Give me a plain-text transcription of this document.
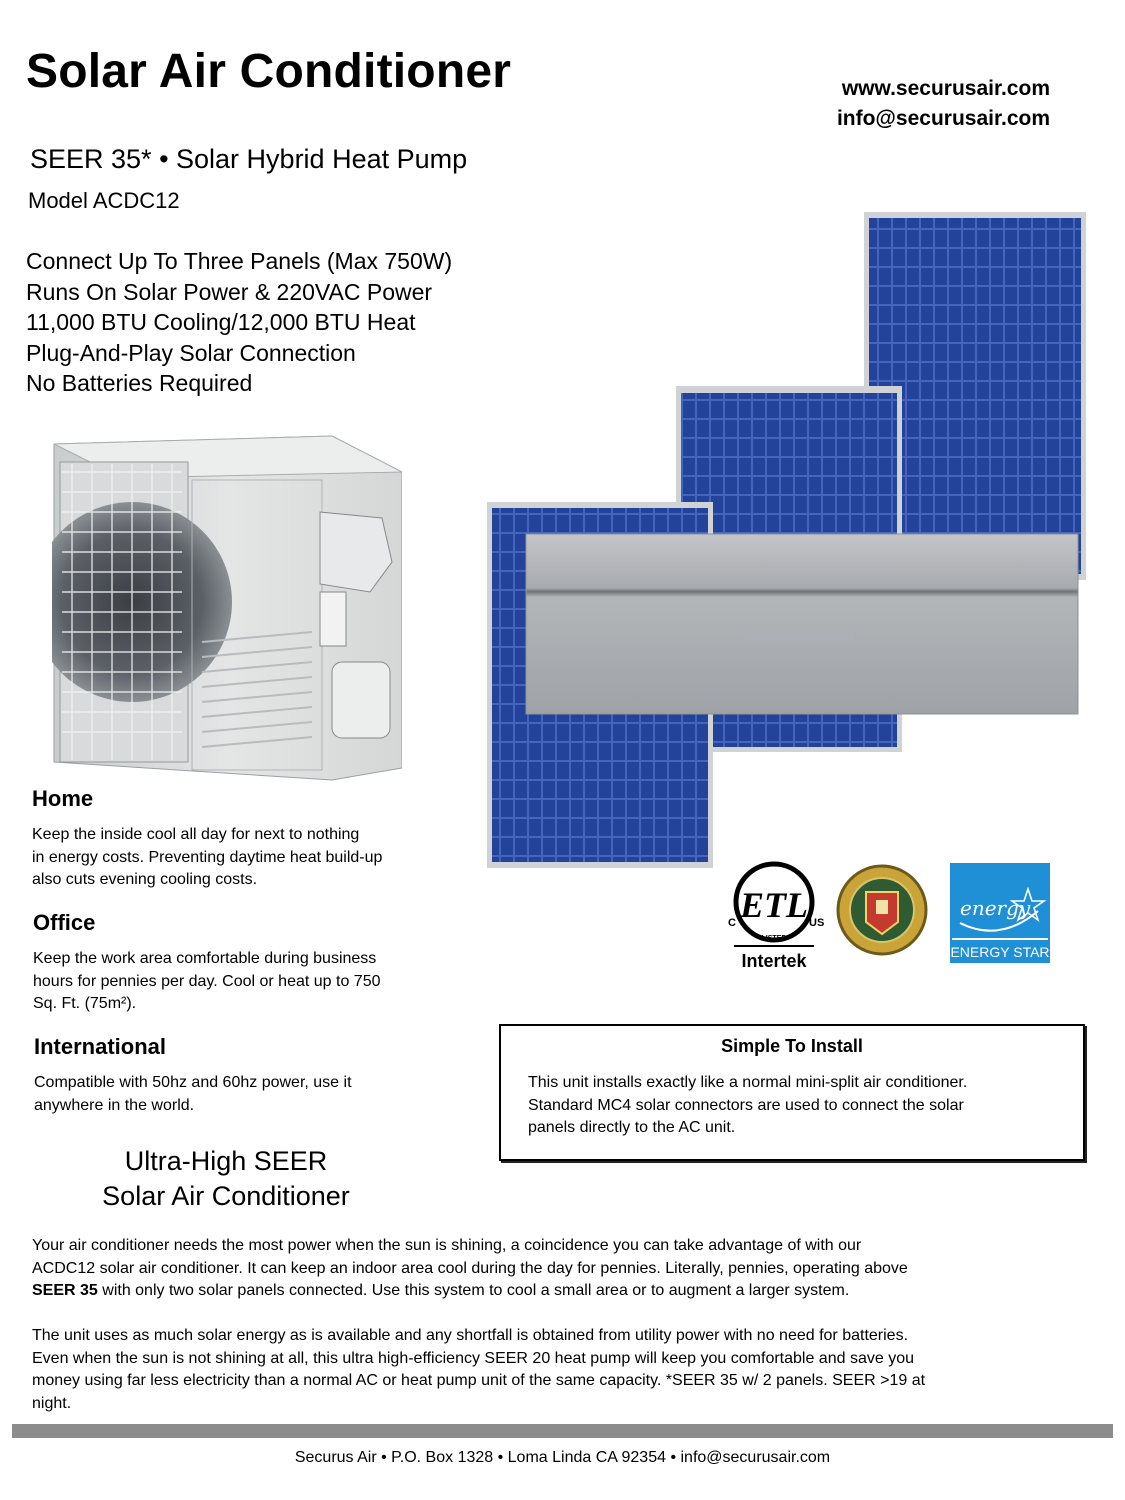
Solar Air Conditioner	www.securusair.com
info@securusair.com
SEER 35* • Solar Hybrid Heat Pump
Model ACDC12
Connect Up To Three Panels (Max 750W)
Runs On Solar Power & 220VAC Power
11,000 BTU Cooling/12,000 BTU Heat
Plug-And-Play Solar Connection
No Batteries Required
ETL
C	US
LISTED
Intertek
energy
ENERGY STAR
Home

Keep the inside cool all day for next to nothing
in energy costs. Preventing daytime heat build-up
also cuts evening cooling costs.

Office

Keep the work area comfortable during business
hours for pennies per day. Cool or heat up to 750
Sq. Ft. (75m²).

International

Compatible with 50hz and 60hz power, use it
anywhere in the world.

Simple To Install
This unit installs exactly like a normal mini-split air conditioner.
Standard MC4 solar connectors are used to connect the solar
panels directly to the AC unit.
Ultra-High SEER
Solar Air Conditioner

Your air conditioner needs the most power when the sun is shining, a coincidence you can take advantage of with our
ACDC12 solar air conditioner. It can keep an indoor area cool during the day for pennies. Literally, pennies, operating above
SEER 35 with only two solar panels connected. Use this system to cool a small area or to augment a larger system.

The unit uses as much solar energy as is available and any shortfall is obtained from utility power with no need for batteries.
Even when the sun is not shining at all, this ultra high-efficiency SEER 20 heat pump will keep you comfortable and save you
money using far less electricity than a normal AC or heat pump unit of the same capacity. *SEER 35 w/ 2 panels. SEER >19 at
night.

Securus Air • P.O. Box 1328 • Loma Linda CA 92354 • info@securusair.com
